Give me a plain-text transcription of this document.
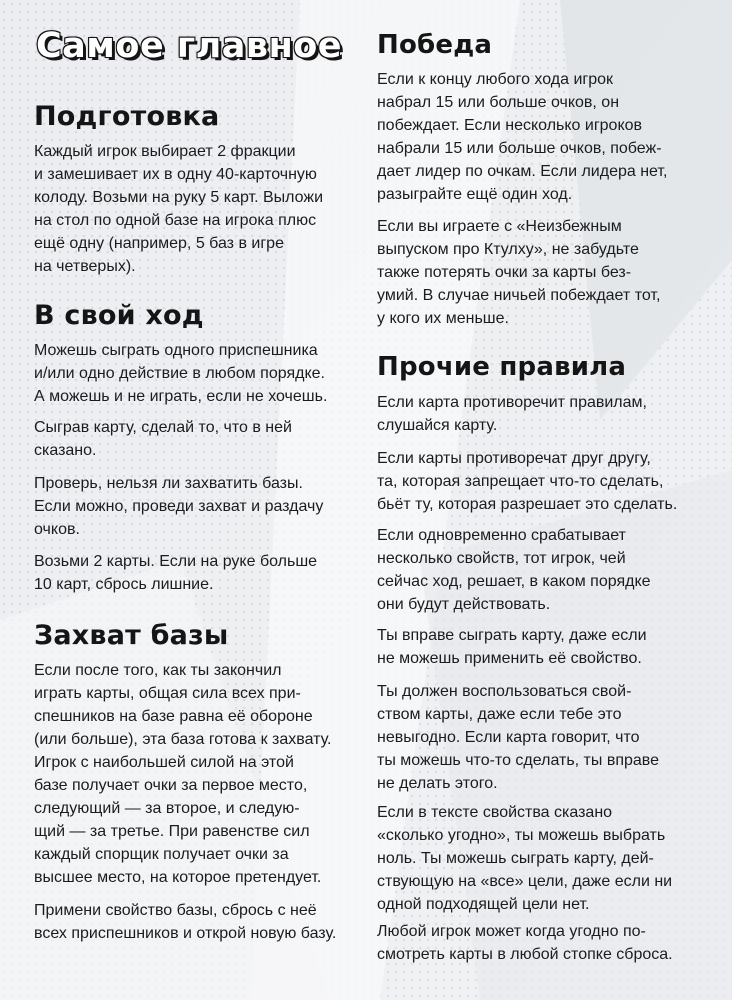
Самое главное
Подготовка
Каждый игрок выбирает 2 фракции
и замешивает их в одну 40-карточную
колоду. Возьми на руку 5 карт. Выложи
на стол по одной базе на игрока плюс
ещё одну (например, 5 баз в игре
на четверых).
В свой ход
Можешь сыграть одного приспешника
и/или одно действие в любом порядке.
А можешь и не играть, если не хочешь.
Сыграв карту, сделай то, что в ней
сказано.
Проверь, нельзя ли захватить базы.
Если можно, проведи захват и раздачу
очков.
Возьми 2 карты. Если на руке больше
10 карт, сбрось лишние.
Захват базы
Если после того, как ты закончил
играть карты, общая сила всех при-
спешников на базе равна её обороне
(или больше), эта база готова к захвату.
Игрок с наибольшей силой на этой
базе получает очки за первое место,
следующий — за второе, и следую-
щий — за третье. При равенстве сил
каждый спорщик получает очки за
высшее место, на которое претендует.
Примени свойство базы, сбрось с неё
всех приспешников и открой новую базу.
Победа
Если к концу любого хода игрок
набрал 15 или больше очков, он
побеждает. Если несколько игроков
набрали 15 или больше очков, побеж-
дает лидер по очкам. Если лидера нет,
разыграйте ещё один ход.
Если вы играете с «Неизбежным
выпуском про Ктулху», не забудьте
также потерять очки за карты без-
умий. В случае ничьей побеждает тот,
у кого их меньше.
Прочие правила
Если карта противоречит правилам,
слушайся карту.
Если карты противоречат друг другу,
та, которая запрещает что-то сделать,
бьёт ту, которая разрешает это сделать.
Если одновременно срабатывает
несколько свойств, тот игрок, чей
сейчас ход, решает, в каком порядке
они будут действовать.
Ты вправе сыграть карту, даже если
не можешь применить её свойство.
Ты должен воспользоваться свой-
ством карты, даже если тебе это
невыгодно. Если карта говорит, что
ты можешь что-то сделать, ты вправе
не делать этого.
Если в тексте свойства сказано
«сколько угодно», ты можешь выбрать
ноль. Ты можешь сыграть карту, дей-
ствующую на «все» цели, даже если ни
одной подходящей цели нет.
Любой игрок может когда угодно по-
смотреть карты в любой стопке сброса.
